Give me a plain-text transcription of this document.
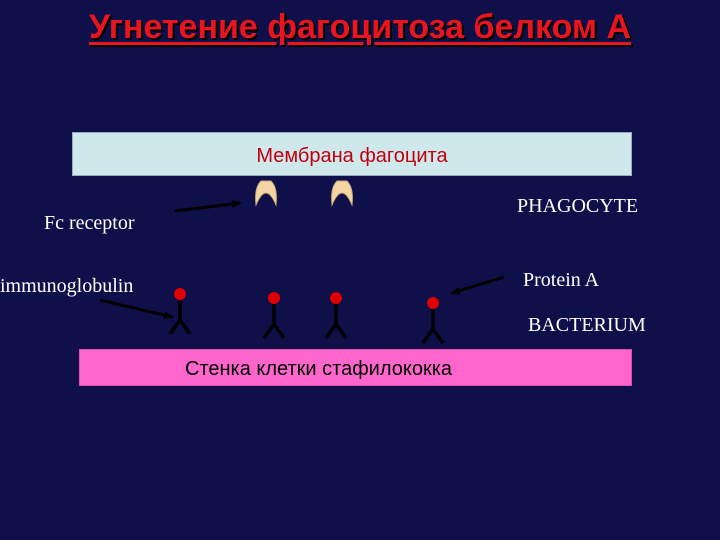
Угнетение фагоцитоза белком А
Мембрана фагоцита
Fc receptor
PHAGOCYTE
immunoglobulin	Protein A
BACTERIUM
Стенка клетки стафилококка
